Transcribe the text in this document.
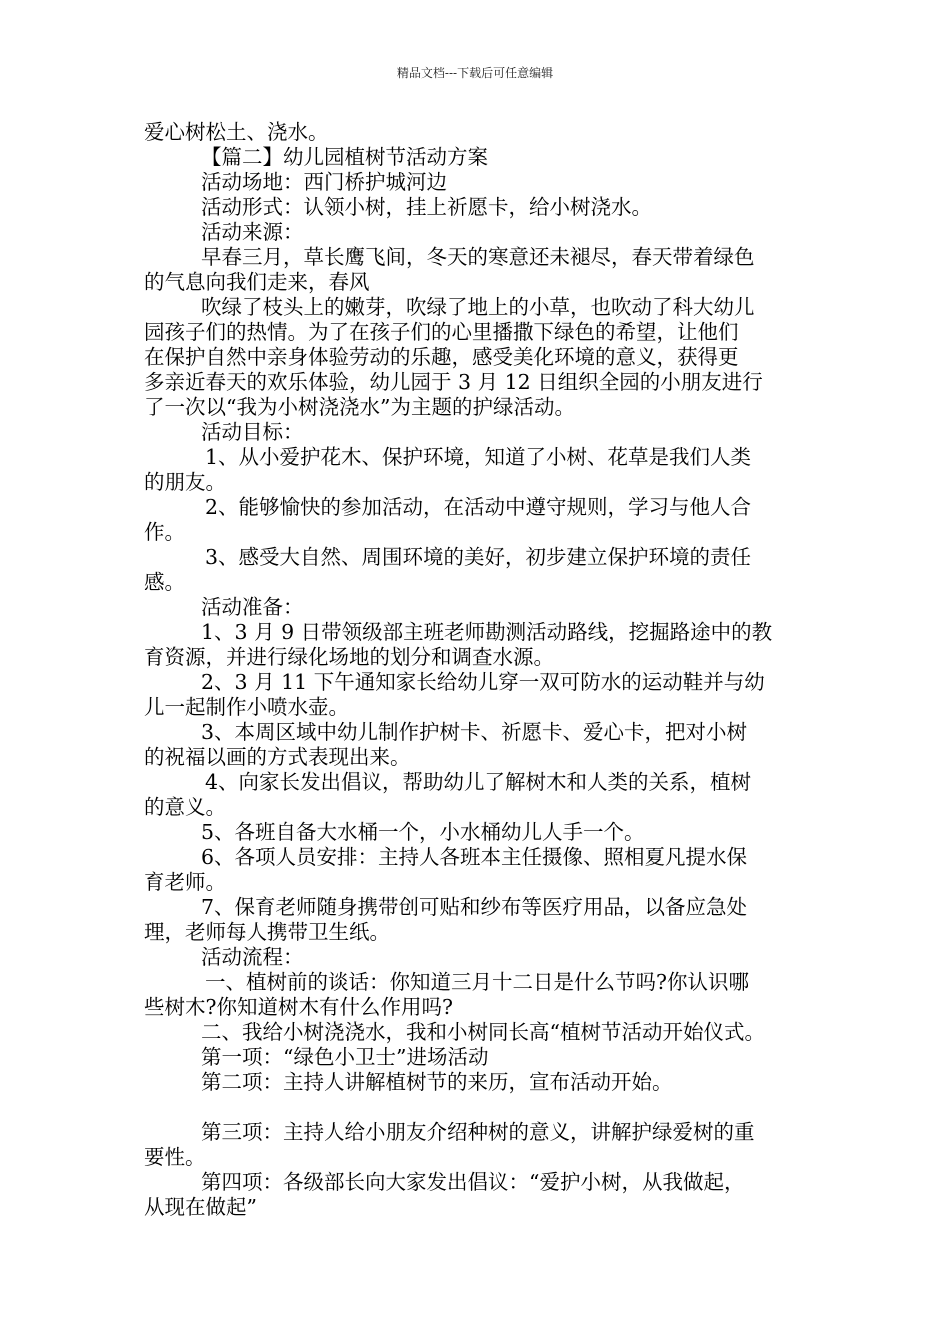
精品文档---下载后可任意编辑
爱心树松土、浇水。
【篇二】幼儿园植树节活动方案
活动场地：西门桥护城河边
活动形式：认领小树，挂上祈愿卡，给小树浇水。
活动来源：
早春三月，草长鹰飞间，冬天的寒意还未褪尽，春天带着绿色
的气息向我们走来，春风
吹绿了枝头上的嫩芽，吹绿了地上的小草，也吹动了科大幼儿
园孩子们的热情。为了在孩子们的心里播撒下绿色的希望，让他们
在保护自然中亲身体验劳动的乐趣，感受美化环境的意义，获得更
多亲近春天的欢乐体验，幼儿园于 3 月 12 日组织全园的小朋友进行
了一次以“我为小树浇浇水”为主题的护绿活动。
活动目标：
1、从小爱护花木、保护环境，知道了小树、花草是我们人类
的朋友。
2、能够愉快的参加活动，在活动中遵守规则，学习与他人合
作。
3、感受大自然、周围环境的美好，初步建立保护环境的责任
感。
活动准备：
1、3 月 9 日带领级部主班老师勘测活动路线，挖掘路途中的教
育资源，并进行绿化场地的划分和调查水源。
2、3 月 11 下午通知家长给幼儿穿一双可防水的运动鞋并与幼
儿一起制作小喷水壶。
3、本周区域中幼儿制作护树卡、祈愿卡、爱心卡，把对小树
的祝福以画的方式表现出来。
4、向家长发出倡议，帮助幼儿了解树木和人类的关系，植树
的意义。
5、各班自备大水桶一个，小水桶幼儿人手一个。
6、各项人员安排：主持人各班本主任摄像、照相夏凡提水保
育老师。
7、保育老师随身携带创可贴和纱布等医疗用品，以备应急处
理，老师每人携带卫生纸。
活动流程：
一、植树前的谈话：你知道三月十二日是什么节吗?你认识哪
些树木?你知道树木有什么作用吗?
二、我给小树浇浇水，我和小树同长高“植树节活动开始仪式。
第一项：“绿色小卫士”进场活动
第二项：主持人讲解植树节的来历，宣布活动开始。
第三项：主持人给小朋友介绍种树的意义，讲解护绿爱树的重
要性。
第四项：各级部长向大家发出倡议：“爱护小树，从我做起，
从现在做起”
